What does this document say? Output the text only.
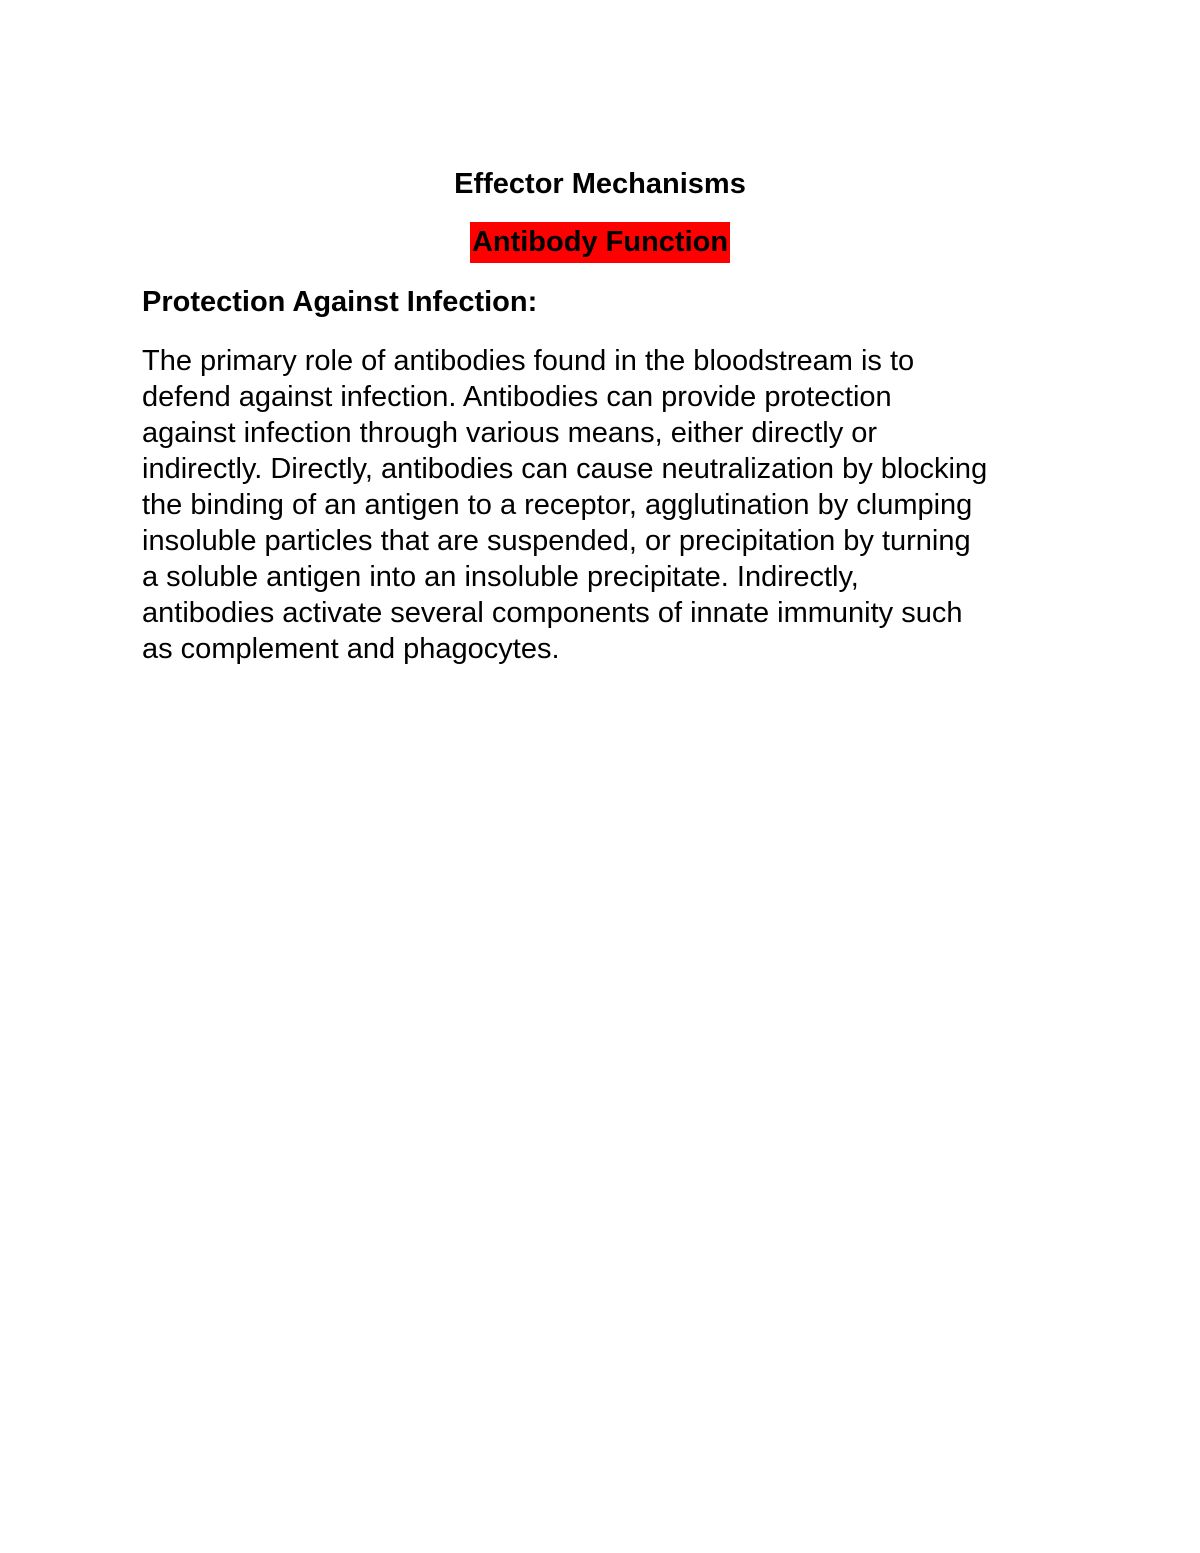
Effector Mechanisms
Antibody Function
Protection Against Infection:

The primary role of antibodies found in the bloodstream is to
defend against infection. Antibodies can provide protection
against infection through various means, either directly or
indirectly. Directly, antibodies can cause neutralization by blocking
the binding of an antigen to a receptor, agglutination by clumping
insoluble particles that are suspended, or precipitation by turning
a soluble antigen into an insoluble precipitate. Indirectly,
antibodies activate several components of innate immunity such
as complement and phagocytes.
